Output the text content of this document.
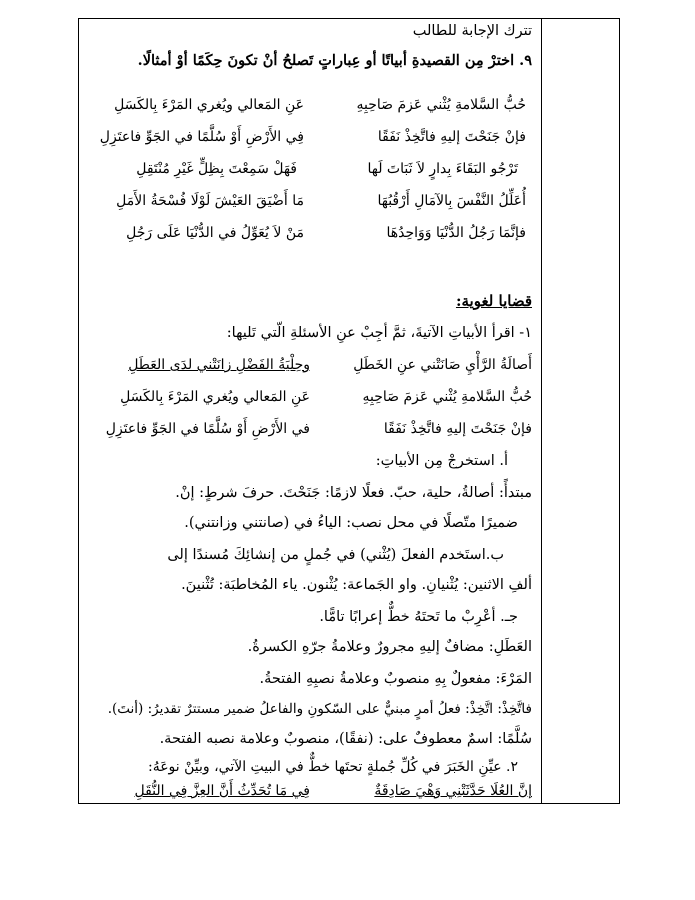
تترك الإجابة للطالب
٩. اخترْ مِن القصيدةِ أبياتًا أو عِباراتٍ تَصلحُ أنْ تكونَ حِكَمًا أوْ أمثالًا.
حُبُّ السَّلامةِ يُثْني عَزمَ صَاحِبِهِ
عَنِ المَعالي ويُغري المَرْءَ بِالكَسَلِ
فإنْ جَنَحْتَ إليهِ فاتَّخِذْ نَفَقًا
فِي الأَرْضِ أَوْ سُلَّمًا في الجَوِّ فاعتَزِلِ
تَرْجُو البَقَاءَ بِدارٍ لاَ ثَبَاتَ لَها
فَهَلْ سَمِعْتَ بِظِلٍّ غَيْرِ مُنْتَقِلِ
أُعَلِّلُ النَّفْسَ بِالآمَالِ أَرْقُبُهَا
مَا أَضْيَقَ العَيْشَ لَوْلَا فُسْحَةُ الأَمَلِ
فإنَّمَا رَجُلُ الدُّنْيَا وَوَاحِدُهَا
مَنْ لاَ يُعَوِّلُ في الدُّنْيَا عَلَى رَجُلِ
قضايا لغوية:
١- اقرأ الأبياتِ الآتيةَ، ثمَّ أجِبْ عنِ الأسئلةِ الّتي تَليها:
أَصالَةُ الرَّأْيِ صَانَتْني عنِ الخَطَلِ
وحِلْيَةُ الفَضْلِ زانَتْني لدَى العَطَلِ
حُبُّ السَّلامةِ يُثْني عَزمَ صَاحِبِهِ
عَنِ المَعالي ويُغري المَرْءَ بِالكَسَلِ
فإنْ جَنَحْتَ إليهِ فاتَّخِذْ نَفَقًا
في الأَرْضِ أَوْ سُلَّمًا في الجَوِّ فاعتَزِلِ
أ. استخرجْ مِن الأبياتِ:
مبتدأً: أصالةُ، حلية، حبّ. فعلًا لازمًا: جَنَحْتَ. حرفَ شرطٍ: إنْ.
ضميرًا متّصلًا في محل نصب: الياءُ في (صانتني وزانتني).
ب.استَخدم الفعلَ (يُثْني) في جُملٍ من إنشائِكَ مُسندًا إلى
ألفِ الاثنين: يُثْنيانِ. واو الجَماعة: يُثْنون. ياء المُخاطبَة: تُثْنينَ.
جـ. أعْرِبْ ما تَحتَهُ خطٌّ إعرابًا تامًّا.
العَطَلِ: مضافٌ إليهِ مجرورٌ وعلامةُ جرّهِ الكسرةُ.
المَرْءَ: مفعولٌ بِهِ منصوبٌ وعلامةُ نصبِهِ الفتحةُ.
فاتَّخِذْ: اتَّخِذْ: فعلُ أمرٍ مبنيٌّ على السّكونِ والفاعلُ ضمير مستترٌ تقديرُ: (أنتَ).
سُلَّمًا: اسمٌ معطوفٌ على: (نفقًا)، منصوبٌ وعلامة نصبه الفتحة.
٢. عيِّنِ الخَبَرَ في كُلِّ جُملةٍ تحتَها خطٌّ في البيتِ الآتي، وبيِّنْ نوعَهُ:
إنَّ العُلَا حَدَّثَتْنِي وَهْيَ صَادِقَةٌ
فِي مَا تُحَدِّثُ أَنَّ العِزَّ فِي النُّقَلِ
